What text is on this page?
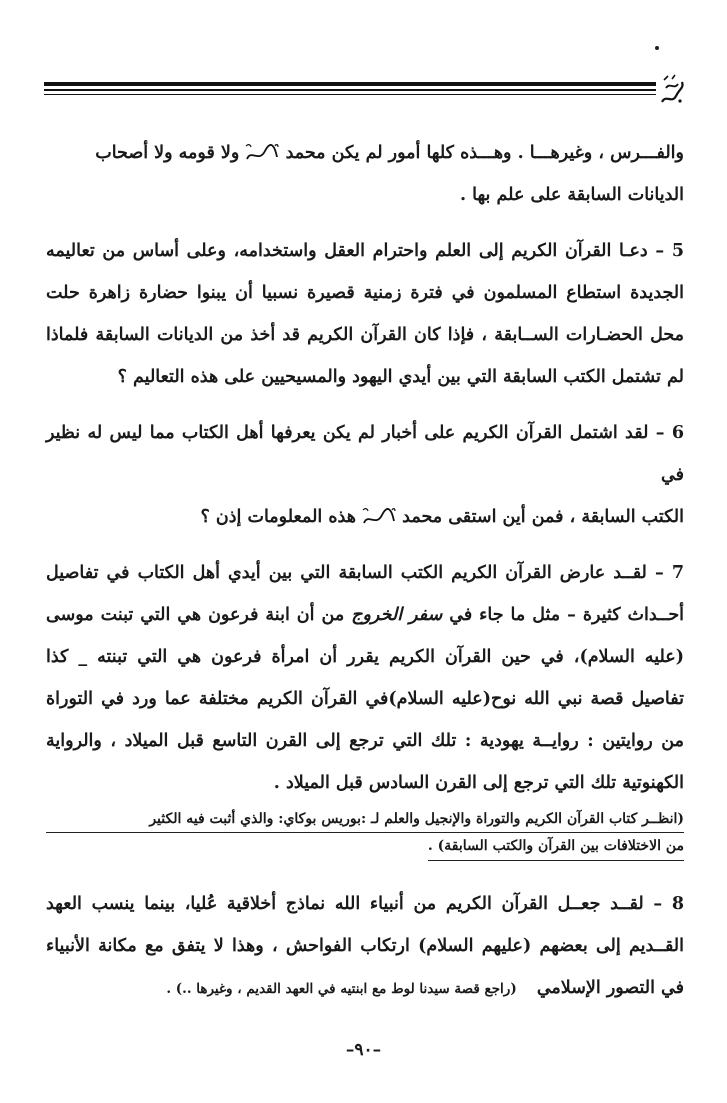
والفـــرس ، وغيرهـــا . وهـــذه كلها أمور لم يكن محمد  ولا قومه ولا أصحاب
الديانات السابقة على علم بها .

5 – دعـا القرآن الكريم إلى العلم واحترام العقل واستخدامه، وعلى أساس من تعاليمه الجديدة استطاع المسلمون في فترة زمنية قصيرة نسبيا أن يبنوا حضارة زاهرة حلت محل الحضـارات الســابقة ، فإذا كان القرآن الكريم قد أخذ من الديانات السابقة فلماذا لم تشتمل الكتب السابقة التي بين أيدي اليهود والمسيحيين على هذه التعاليم ؟

6 – لقد اشتمل القرآن الكريم على أخبار لم يكن يعرفها أهل الكتاب مما ليس له نظير في
الكتب السابقة ، فمن أين استقى محمد  هذه المعلومات إذن ؟

7 – لقــد عارض القرآن الكريم الكتب السابقة التي بين أيدي أهل الكتاب في تفاصيل أحــداث كثيرة – مثل ما جاء في سفر الخروج من أن ابنة فرعون هي التي تبنت موسى (عليه السلام)، في حين القرآن الكريم يقرر أن امرأة فرعون هي التي تبنته _ كذا تفاصيل قصة نبي الله نوح(عليه السلام)في القرآن الكريم مختلفة عما ورد في التوراة من روايتين : روايــة يهودية : تلك التي ترجع إلى القرن التاسع قبل الميلاد ، والرواية الكهنوتية تلك التي ترجع إلى القرن السادس قبل الميلاد .

(انظــر كتاب القرآن الكريم والتوراة والإنجيل والعلم لـ :بوريس بوكاي: والذي أثبت فيه الكثير

من الاختلافات بين القرآن والكتب السابقة) .

8 – لقــد جعــل القرآن الكريم من أنبياء الله نماذج أخلاقية عُليا، بينما ينسب العهد القــديم إلى بعضهم (عليهم السلام) ارتكاب الفواحش ، وهذا لا يتفق مع مكانة الأنبياء في التصور الإسلامي (راجع قصة سيدنا لوط مع ابنتيه في العهد القديم ، وغيرها ..) .

–٩٠–
